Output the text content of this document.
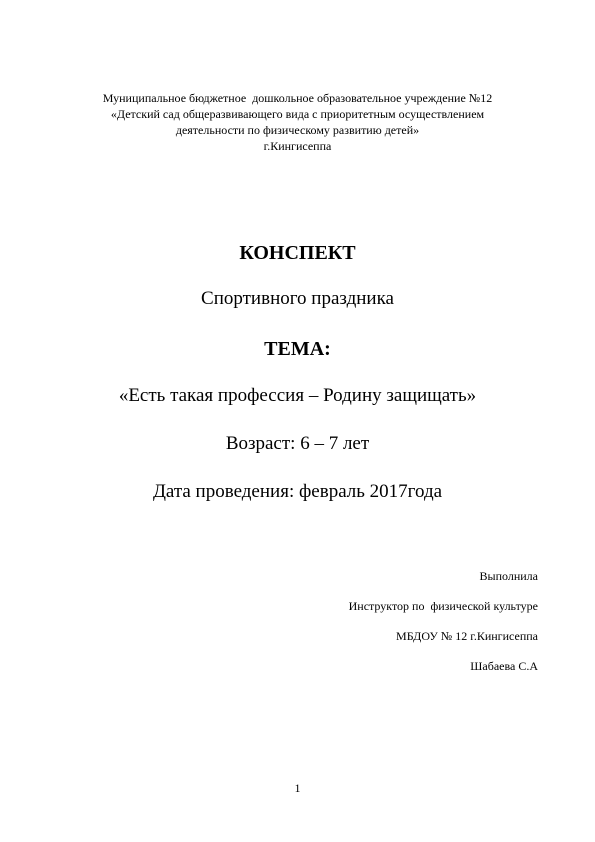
Муниципальное бюджетное  дошкольное образовательное учреждение №12
«Детский сад общеразвивающего вида с приоритетным осуществлением
деятельности по физическому развитию детей»
г.Кингисеппа
КОНСПЕКТ
Спортивного праздника
ТЕМА:
«Есть такая профессия – Родину защищать»
Возраст: 6 – 7 лет
Дата проведения: февраль 2017года
Выполнила
Инструктор по  физической культуре
МБДОУ № 12 г.Кингисеппа
Шабаева С.А
1
